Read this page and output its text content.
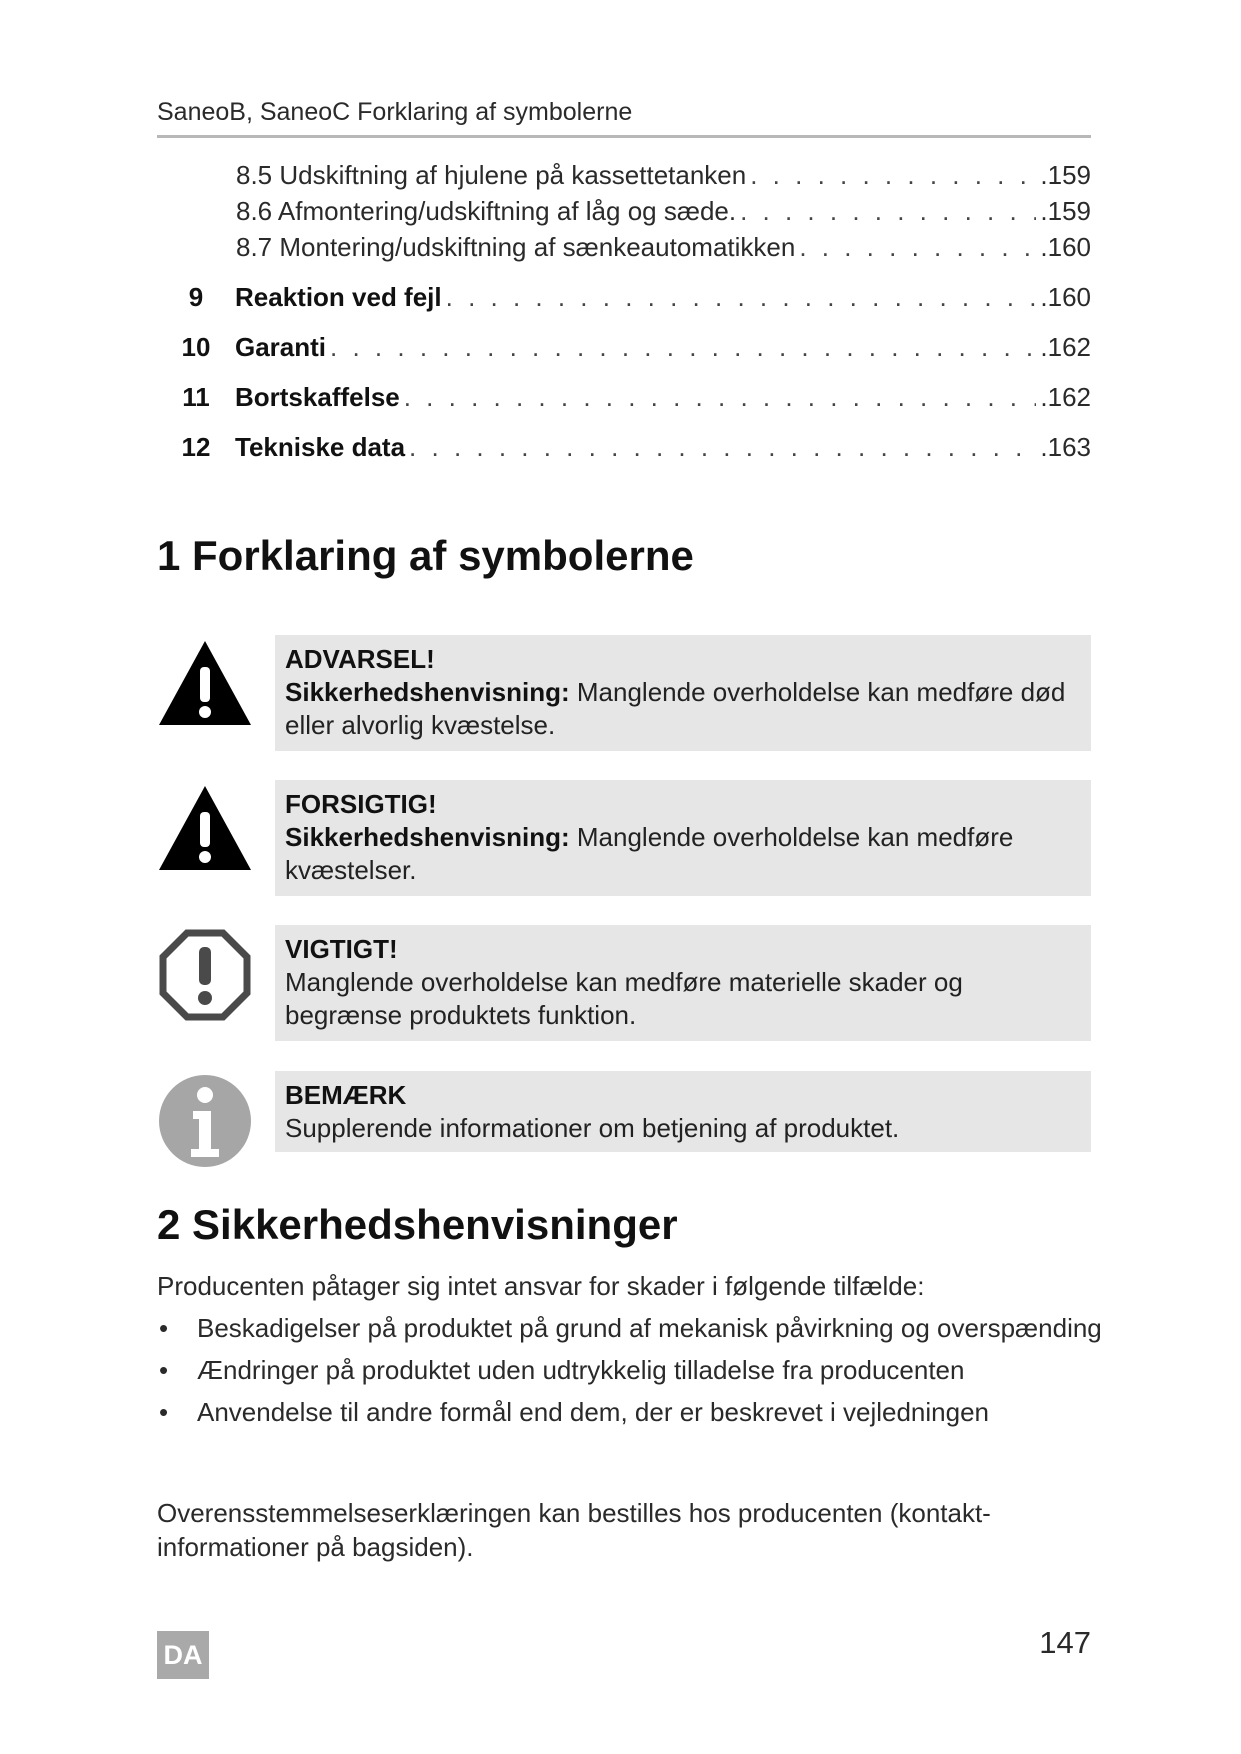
SaneoB, SaneoC Forklaring af symbolerne
8.5 Udskiftning af hjulene på kassettetanken . . .	.159
8.6 Afmontering/udskiftning af låg og sæde. . . .	.159
8.7 Montering/udskiftning af sænkeautomatikken . . .	.160
9	Reaktion ved fejl . . .	.160
10 Garanti . . .	.162
11 Bortskaffelse . . .	.162
12 Tekniske data . . .	.163
1 Forklaring af symbolerne
ADVARSEL!
Sikkerhedshenvisning: Manglende overholdelse kan medføre død eller alvorlig kvæstelse.
FORSIGTIG!
Sikkerhedshenvisning: Manglende overholdelse kan medføre kvæstelser.
VIGTIGT!
Manglende overholdelse kan medføre materielle skader og begrænse produktets funktion.
BEMÆRK
Supplerende informationer om betjening af produktet.
2 Sikkerhedshenvisninger
Producenten påtager sig intet ansvar for skader i følgende tilfælde:
• Beskadigelser på produktet på grund af mekanisk påvirkning og overspænding
• Ændringer på produktet uden udtrykkelig tilladelse fra producenten
• Anvendelse til andre formål end dem, der er beskrevet i vejledningen
Overensstemmelseserklæringen kan bestilles hos producenten (kontakt- informationer på bagsiden).
DA	147
